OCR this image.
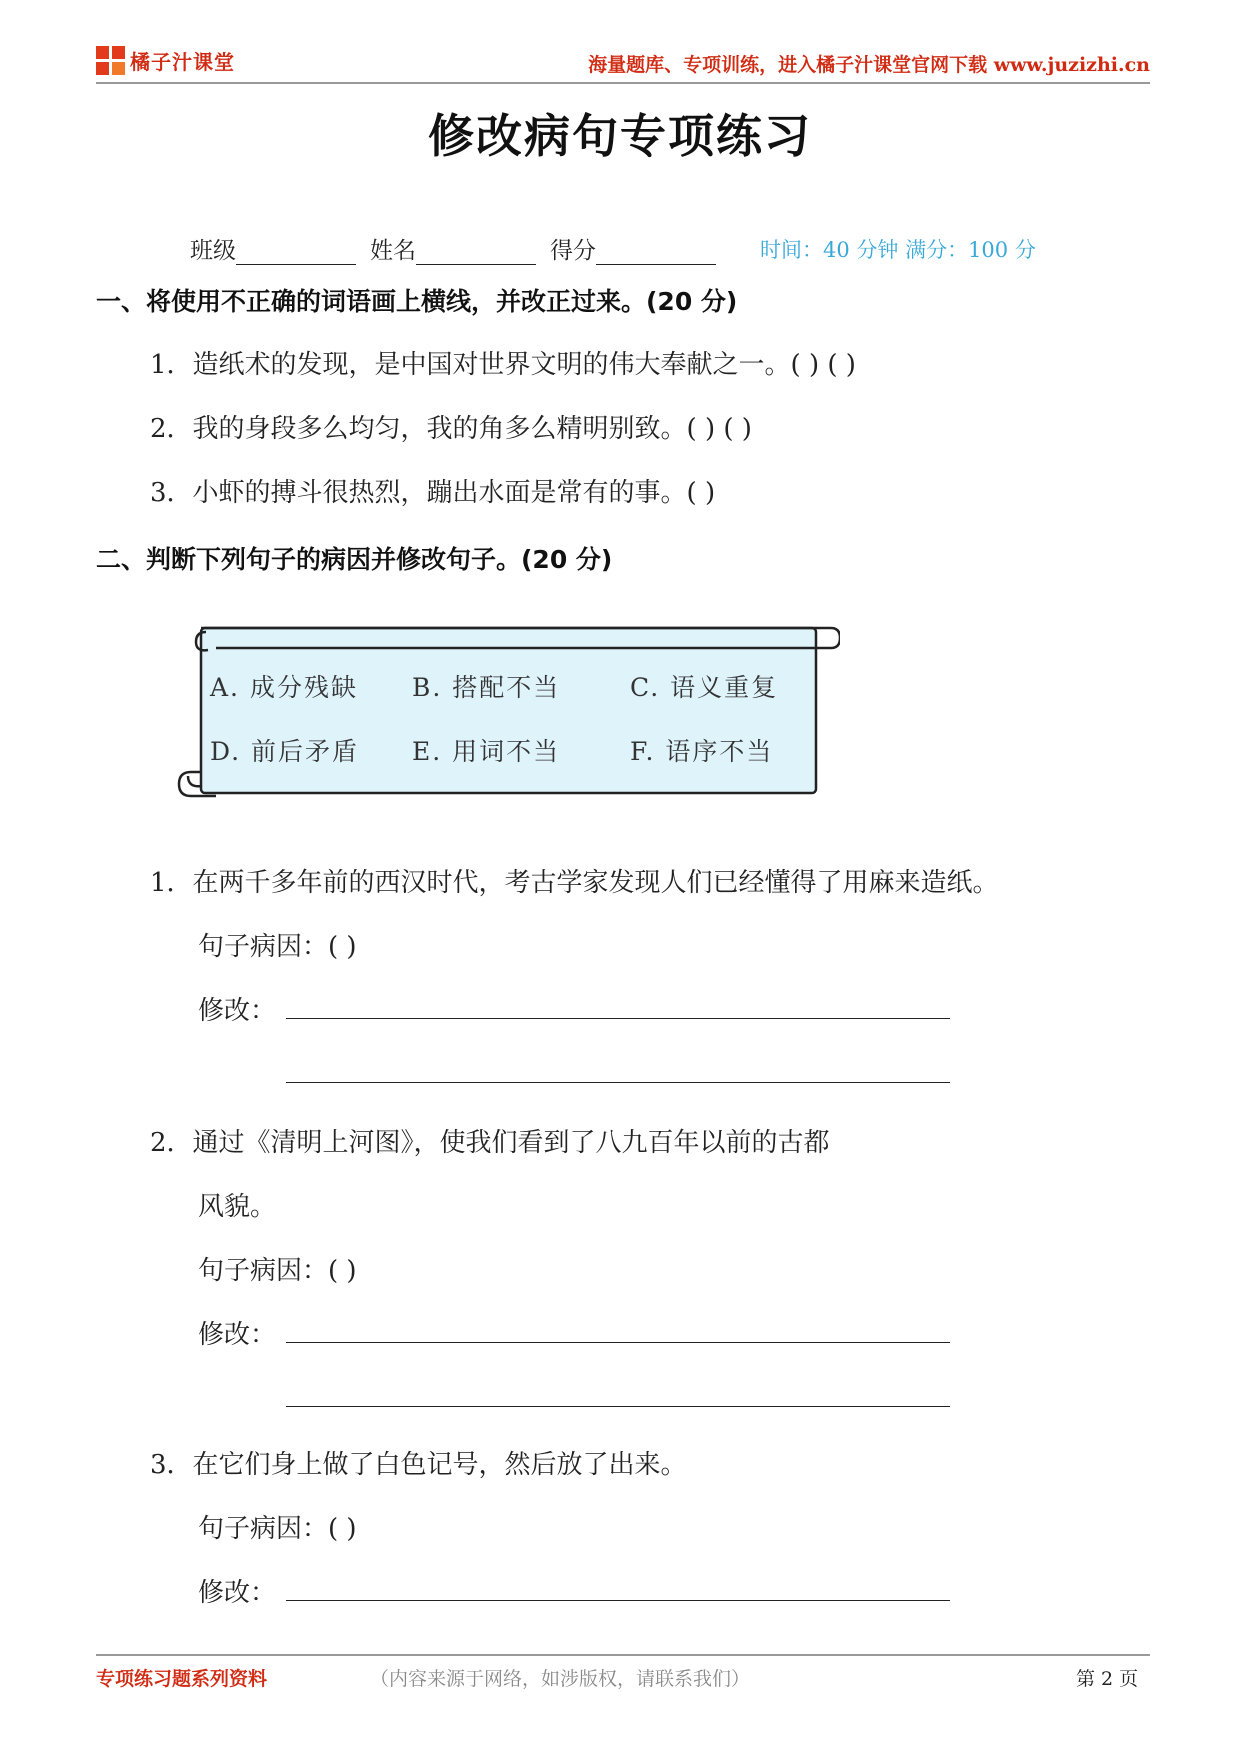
橘子汁课堂	海量题库、专项训练，进入橘子汁课堂官网下载 www.juzizhi.cn
修改病句专项练习
班级	姓名	得分	时间：40 分钟 满分：100 分
一、将使用不正确的词语画上横线，并改正过来。(20 分)
1．造纸术的发现，是中国对世界文明的伟大奉献之一。( ) ( )
2．我的身段多么均匀，我的角多么精明别致。( ) ( )
3．小虾的搏斗很热烈，蹦出水面是常有的事。( )
二、判断下列句子的病因并修改句子。(20 分)
A. 成分残缺 B. 搭配不当	C. 语义重复
D. 前后矛盾 E. 用词不当	F. 语序不当
1．在两千多年前的西汉时代，考古学家发现人们已经懂得了用麻来造纸。
句子病因：( )
修改：
2．通过《清明上河图》，使我们看到了八九百年以前的古都
风貌。
句子病因：( )
修改：
3．在它们身上做了白色记号，然后放了出来。
句子病因：( )
修改：
专项练习题系列资料	（内容来源于网络，如涉版权，请联系我们）	第 2 页
